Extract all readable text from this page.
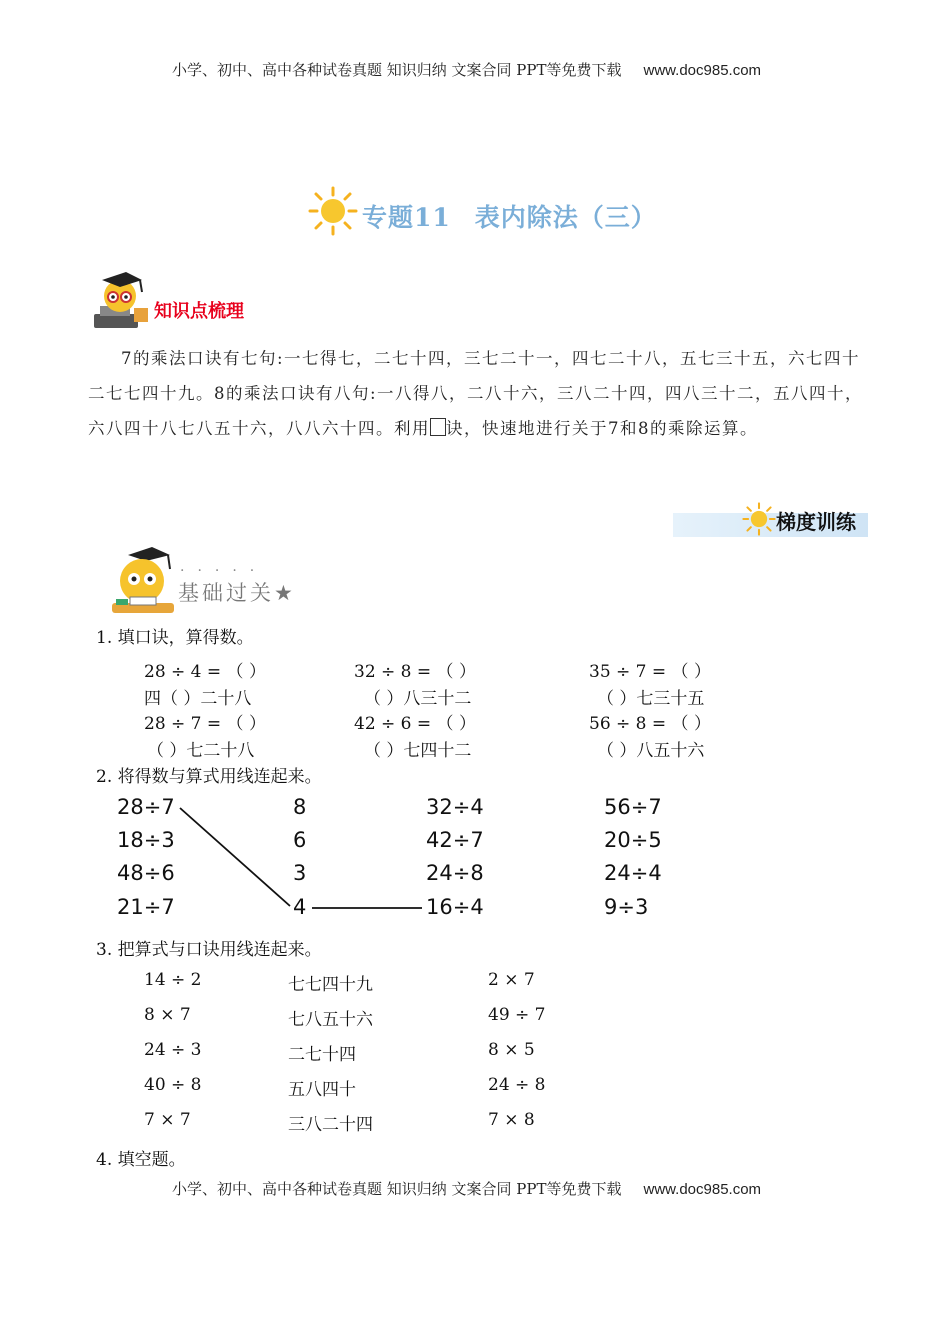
小学、初中、高中各种试卷真题 知识归纳 文案合同 PPT等免费下载 www.doc985.com
专题11 表内除法（三）
知识点梳理
7的乘法口诀有七句:一七得七，二七十四，三七二十一，四七二十八，五七三十五，六七四十二七七四十九。8的乘法口诀有八句:一八得八，二八十六，三八二十四，四八三十二，五八四十，六八四十八七八五十六，八八六十四。利用 诀，快速地进行关于7和8的乘除运算。
梯度训练
·····
基础过关★
1. 填口诀，算得数。
28 ÷ 4 = （ ）	32 ÷ 8 = （ ）	35 ÷ 7 = （ ）
四（ ）二十八	（ ）八三十二	（ ）七三十五
28 ÷ 7 = （ ）	42 ÷ 6 = （ ）	56 ÷ 8 = （ ）
（ ）七二十八	（ ）七四十二	（ ）八五十六
2. 将得数与算式用线连起来。
28÷7
18÷3
48÷6
21÷7
8
6
3
4
32÷4
42÷7
24÷8
16÷4
56÷7
20÷5
24÷4
9÷3
3. 把算式与口诀用线连起来。
14 ÷ 2
8 × 7
24 ÷ 3
40 ÷ 8
7 × 7
七七四十九
七八五十六
二七十四
五八四十
三八二十四
2 × 7
49 ÷ 7
8 × 5
24 ÷ 8
7 × 8
4. 填空题。
小学、初中、高中各种试卷真题 知识归纳 文案合同 PPT等免费下载 www.doc985.com
